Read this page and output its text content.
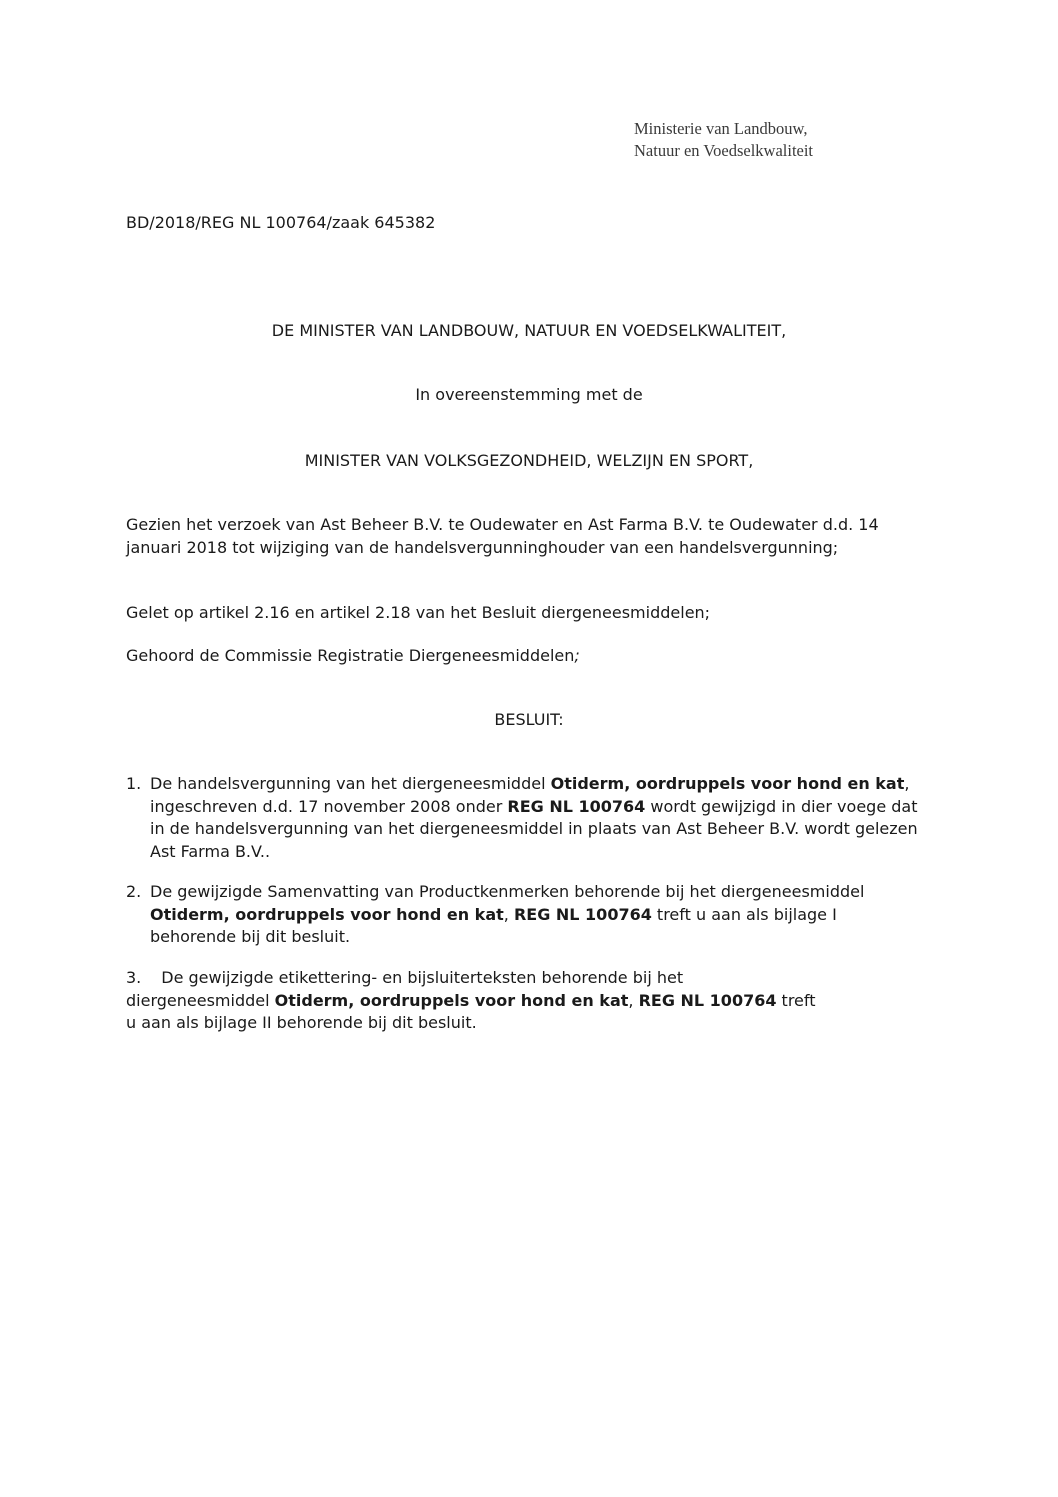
Ministerie van Landbouw,
Natuur en Voedselkwaliteit
BD/2018/REG NL 100764/zaak 645382
DE MINISTER VAN LANDBOUW, NATUUR EN VOEDSELKWALITEIT,
In overeenstemming met de
MINISTER VAN VOLKSGEZONDHEID, WELZIJN EN SPORT,
Gezien het verzoek van Ast Beheer B.V. te Oudewater en Ast Farma B.V. te Oudewater d.d. 14 januari 2018 tot wijziging van de handelsvergunninghouder van een handelsvergunning;
Gelet op artikel 2.16 en artikel 2.18 van het Besluit diergeneesmiddelen;
Gehoord de Commissie Registratie Diergeneesmiddelen;
BESLUIT:
1. De handelsvergunning van het diergeneesmiddel Otiderm, oordruppels voor hond en kat, ingeschreven d.d. 17 november 2008 onder REG NL 100764 wordt gewijzigd in dier voege dat in de handelsvergunning van het diergeneesmiddel in plaats van Ast Beheer B.V. wordt gelezen Ast Farma B.V..
2. De gewijzigde Samenvatting van Productkenmerken behorende bij het diergeneesmiddel Otiderm, oordruppels voor hond en kat, REG NL 100764 treft u aan als bijlage I behorende bij dit besluit.
3. De gewijzigde etikettering- en bijsluiterteksten behorende bij het
diergeneesmiddel Otiderm, oordruppels voor hond en kat, REG NL 100764 treft
u aan als bijlage II behorende bij dit besluit.
